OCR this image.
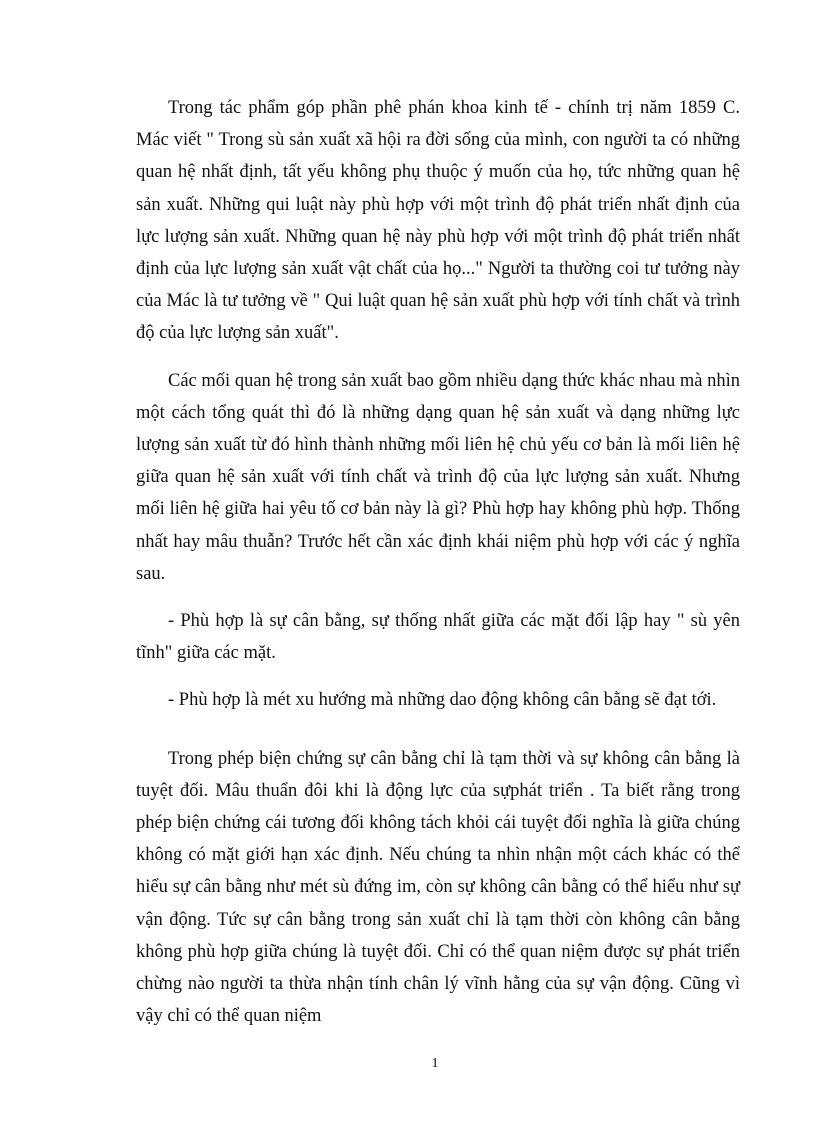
Trong tác phẩm góp phần phê phán khoa kinh tế - chính trị năm 1859 C. Mác viết " Trong sù sản xuất xã hội ra đời sống của mình, con người ta có những quan hệ nhất định, tất yếu không phụ thuộc ý muốn của họ, tức những quan hệ sản xuất. Những qui luật này phù hợp với một trình độ phát triển nhất định của lực lượng sản xuất. Những quan hệ này phù hợp với một trình độ phát triển nhất định của lực lượng sản xuất vật chất của họ..." Người ta thường coi tư tưởng này của Mác là tư tưởng về " Qui luật quan hệ sản xuất phù hợp với tính chất và trình độ của lực lượng sản xuất".

Các mối quan hệ trong sản xuất bao gồm nhiều dạng thức khác nhau mà nhìn một cách tổng quát thì đó là những dạng quan hệ sản xuất và dạng những lực lượng sản xuất từ đó hình thành những mối liên hệ chủ yếu cơ bản là mối liên hệ giữa quan hệ sản xuất với tính chất và trình độ của lực lượng sản xuất. Nhưng mối liên hệ giữa hai yêu tố cơ bản này là gì? Phù hợp hay không phù hợp. Thống nhất hay mâu thuẫn? Trước hết cần xác định khái niệm phù hợp với các ý nghĩa sau.

- Phù hợp là sự cân bằng, sự thống nhất giữa các mặt đối lập hay " sù yên tĩnh" giữa các mặt.

- Phù hợp là mét xu hướng mà những dao động không cân bằng sẽ đạt tới.

Trong phép biện chứng sự cân bằng chỉ là tạm thời và sự không cân bằng là tuyệt đối. Mâu thuẩn đôi khi là động lực của sựphát triển . Ta biết rằng trong phép biện chứng cái tương đối không tách khỏi cái tuyệt đối nghĩa là giữa chúng không có mặt giới hạn xác định. Nếu chúng ta nhìn nhận một cách khác có thể hiểu sự cân bằng như mét sù đứng im, còn sự không cân bằng có thể hiểu như sự vận động. Tức sự cân bằng trong sản xuất chỉ là tạm thời còn không cân bằng không phù hợp giữa chúng là tuyệt đối. Chỉ có thể quan niệm được sự phát triển chừng nào người ta thừa nhận tính chân lý vĩnh hằng của sự vận động. Cũng vì vậy chỉ có thể quan niệm

1
